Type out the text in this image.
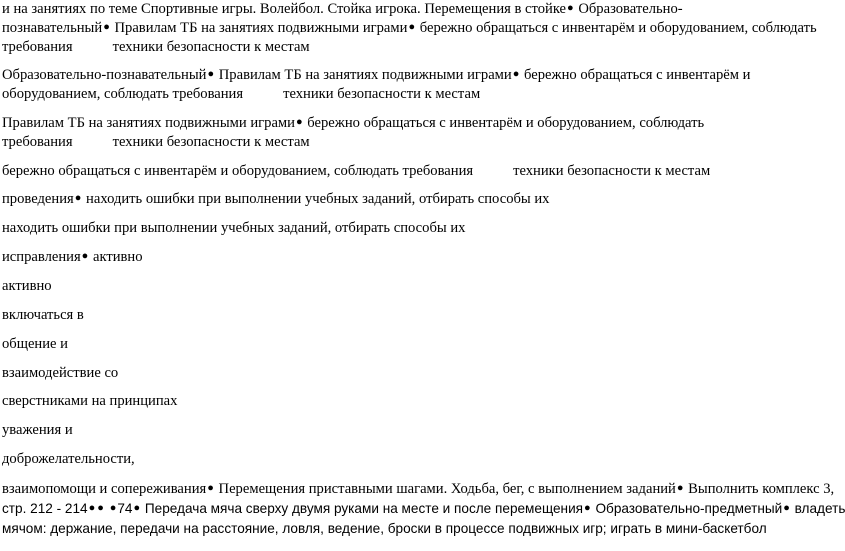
и на занятиях по теме Спортивные игры. Волейбол. Стойка игрока. Перемещения в стойке● Образовательно-
познавательный● Правилам ТБ на занятиях подвижными играми● бережно обращаться с инвентарём и оборудованием, соблюдать
требования	техники безопасности к местам
Образовательно-познавательный● Правилам ТБ на занятиях подвижными играми● бережно обращаться с инвентарём и
оборудованием, соблюдать требования	техники безопасности к местам
Правилам ТБ на занятиях подвижными играми● бережно обращаться с инвентарём и оборудованием, соблюдать
требования	техники безопасности к местам
бережно обращаться с инвентарём и оборудованием, соблюдать требования	техники безопасности к местам
проведения● находить ошибки при выполнении учебных заданий, отбирать способы их
находить ошибки при выполнении учебных заданий, отбирать способы их
исправления● активно
активно
включаться в
общение и
взаимодействие со
сверстниками на принципах
уважения и
доброжелательности,
взаимопомощи и сопереживания● Перемещения приставными шагами. Ходьба, бег, с выполнением заданий● Выполнить комплекс 3,
стр. 212 - 214● ● ●74● Передача мяча сверху двумя руками на месте и после перемещения● Образовательно-предметный● владеть
мячом: держание, передачи на расстояние, ловля, ведение, броски в процессе подвижных игр; играть в мини-баскетбол
